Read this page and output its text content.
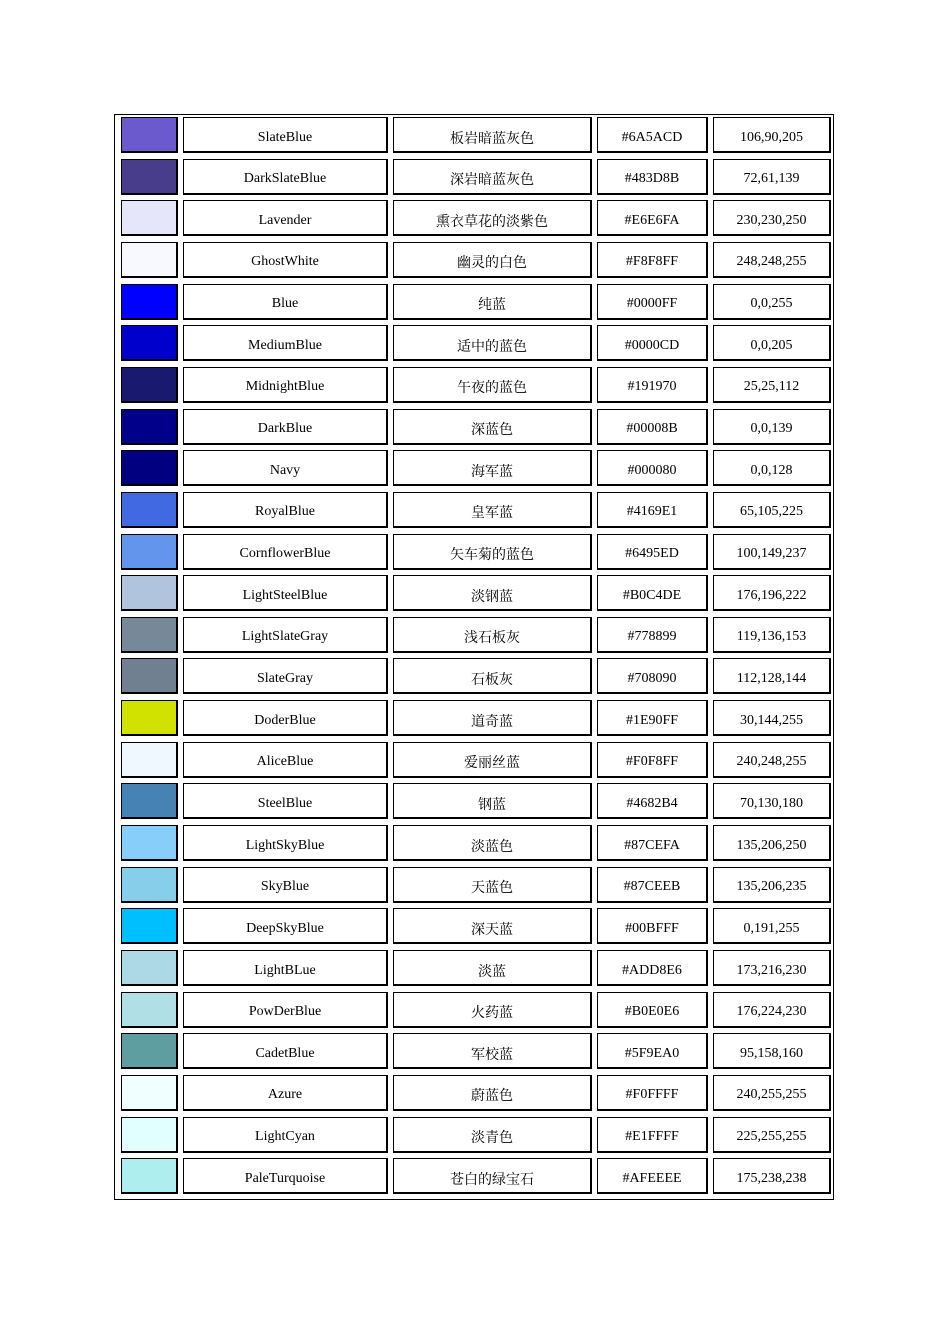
SlateBlue	板岩暗蓝灰色	#6A5ACD	106,90,205
DarkSlateBlue	深岩暗蓝灰色	#483D8B	72,61,139
Lavender	熏衣草花的淡紫色	#E6E6FA	230,230,250
GhostWhite	幽灵的白色	#F8F8FF	248,248,255
Blue	纯蓝	#0000FF	0,0,255
MediumBlue	适中的蓝色	#0000CD	0,0,205
MidnightBlue	午夜的蓝色	#191970	25,25,112
DarkBlue	深蓝色	#00008B	0,0,139
Navy	海军蓝	#000080	0,0,128
RoyalBlue	皇军蓝	#4169E1	65,105,225
CornflowerBlue	矢车菊的蓝色	#6495ED	100,149,237
LightSteelBlue	淡钢蓝	#B0C4DE	176,196,222
LightSlateGray	浅石板灰	#778899	119,136,153
SlateGray	石板灰	#708090	112,128,144
DoderBlue	道奇蓝	#1E90FF	30,144,255
AliceBlue	爱丽丝蓝	#F0F8FF	240,248,255
SteelBlue	钢蓝	#4682B4	70,130,180
LightSkyBlue	淡蓝色	#87CEFA	135,206,250
SkyBlue	天蓝色	#87CEEB	135,206,235
DeepSkyBlue	深天蓝	#00BFFF	0,191,255
LightBLue	淡蓝	#ADD8E6	173,216,230
PowDerBlue	火药蓝	#B0E0E6	176,224,230
CadetBlue	军校蓝	#5F9EA0	95,158,160
Azure	蔚蓝色	#F0FFFF	240,255,255
LightCyan	淡青色	#E1FFFF	225,255,255
PaleTurquoise	苍白的绿宝石	#AFEEEE	175,238,238
